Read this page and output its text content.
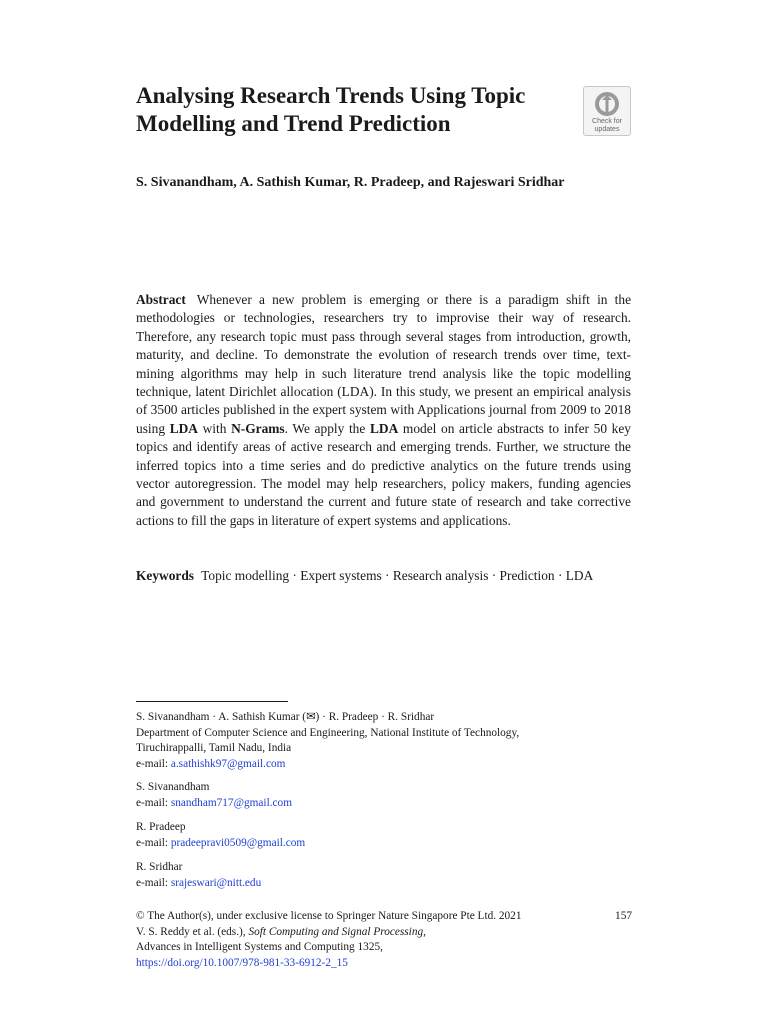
Analysing Research Trends Using Topic
Modelling and Trend Prediction	Check for
updates
S. Sivanandham, A. Sathish Kumar, R. Pradeep, and Rajeswari Sridhar

Abstract Whenever a new problem is emerging or there is a paradigm shift in the methodologies or technologies, researchers try to improvise their way of research. Therefore, any research topic must pass through several stages from introduction, growth, maturity, and decline. To demonstrate the evolution of research trends over time, text-mining algorithms may help in such literature trend analysis like the topic modelling technique, latent Dirichlet allocation (LDA). In this study, we present an empirical analysis of 3500 articles published in the expert system with Applications journal from 2009 to 2018 using LDA with N-Grams. We apply the LDA model on article abstracts to infer 50 key topics and identify areas of active research and emerging trends. Further, we structure the inferred topics into a time series and do predictive analytics on the future trends using vector autoregression. The model may help researchers, policy makers, funding agencies and government to understand the current and future state of research and take corrective actions to fill the gaps in literature of expert systems and applications.

Keywords Topic modelling · Expert systems · Research analysis · Prediction · LDA

S. Sivanandham · A. Sathish Kumar (✉) · R. Pradeep · R. Sridhar
Department of Computer Science and Engineering, National Institute of Technology,
Tiruchirappalli, Tamil Nadu, India
e-mail: a.sathishk97@gmail.com

S. Sivanandham
e-mail: snandham717@gmail.com

R. Pradeep
e-mail: pradeepravi0509@gmail.com

R. Sridhar
e-mail: srajeswari@nitt.edu

© The Author(s), under exclusive license to Springer Nature Singapore Pte Ltd. 2021
V. S. Reddy et al. (eds.), Soft Computing and Signal Processing,
Advances in Intelligent Systems and Computing 1325,
https://doi.org/10.1007/978-981-33-6912-2_15

157
